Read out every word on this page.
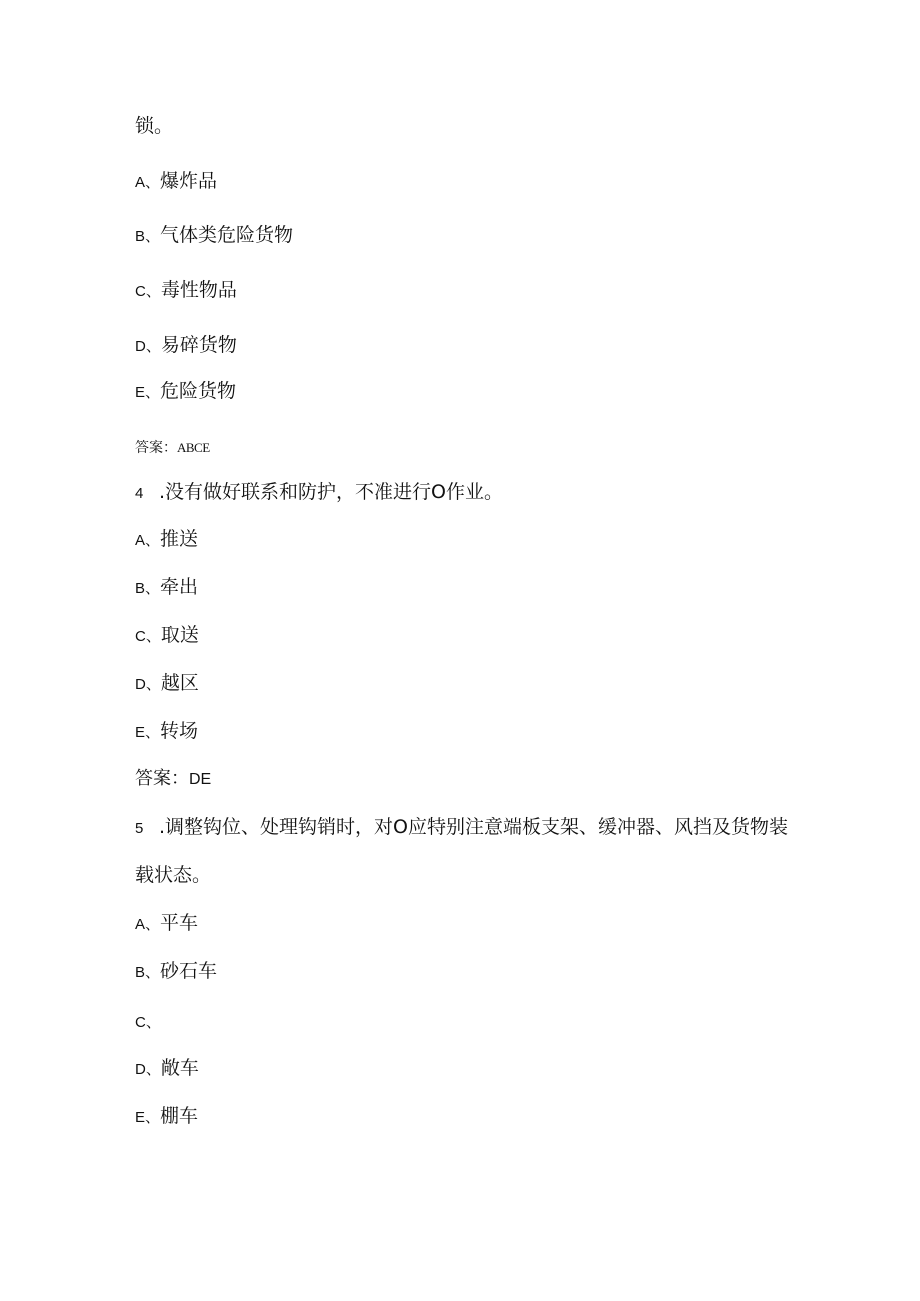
锁。
A、爆炸品
B、气体类危险货物
C、毒性物品
D、易碎货物
E、危险货物
答案：ABCE
4 .没有做好联系和防护，不准进行O作业。
A、推送
B、牵出
C、取送
D、越区
E、转场
答案：DE
5 .调整钩位、处理钩销时，对O应特别注意端板支架、缓冲器、风挡及货物装
载状态。
A、平车
B、砂石车
C、
D、敞车
E、棚车
